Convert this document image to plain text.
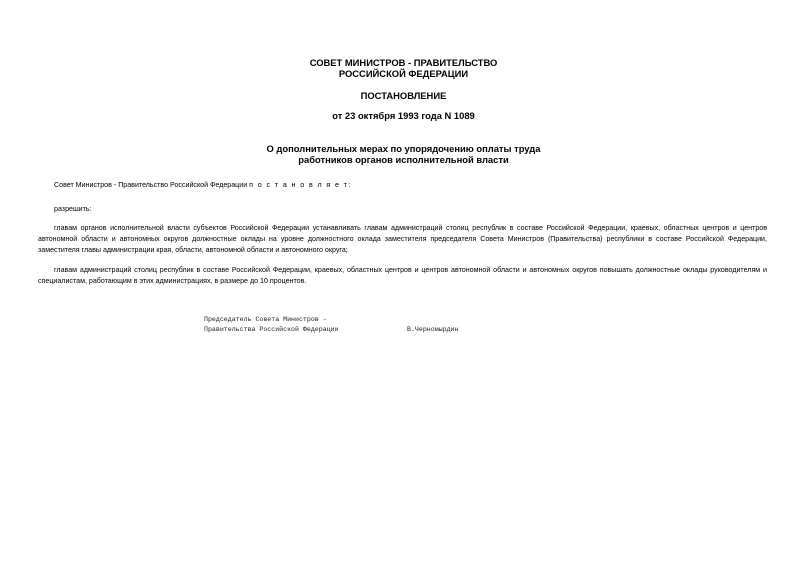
СОВЕТ МИНИСТРОВ - ПРАВИТЕЛЬСТВО
РОССИЙСКОЙ ФЕДЕРАЦИИ
ПОСТАНОВЛЕНИЕ
от 23 октября 1993 года N 1089
О дополнительных мерах по упорядочению оплаты труда
работников органов исполнительной власти
Совет Министров - Правительство Российской Федерации п о с т а н о в л я е т:
разрешить:
главам органов исполнительной власти субъектов Российской Федерации устанавливать главам администраций столиц республик в составе Российской Федерации, краевых, областных центров и центров автономной области и автономных округов должностные оклады на уровне должностного оклада заместителя председателя Совета Министров (Правительства) республики в составе Российской Федерации, заместителя главы администрации края, области, автономной области и автономного округа;
главам администраций столиц республик в составе Российской Федерации, краевых, областных центров и центров автономной области и автономных округов повышать должностные оклады руководителям и специалистам, работающим в этих администрациях, в размере до 10 процентов.
Председатель Совета Министров -
Правительства Российской Федерации	В.Черномырдин
